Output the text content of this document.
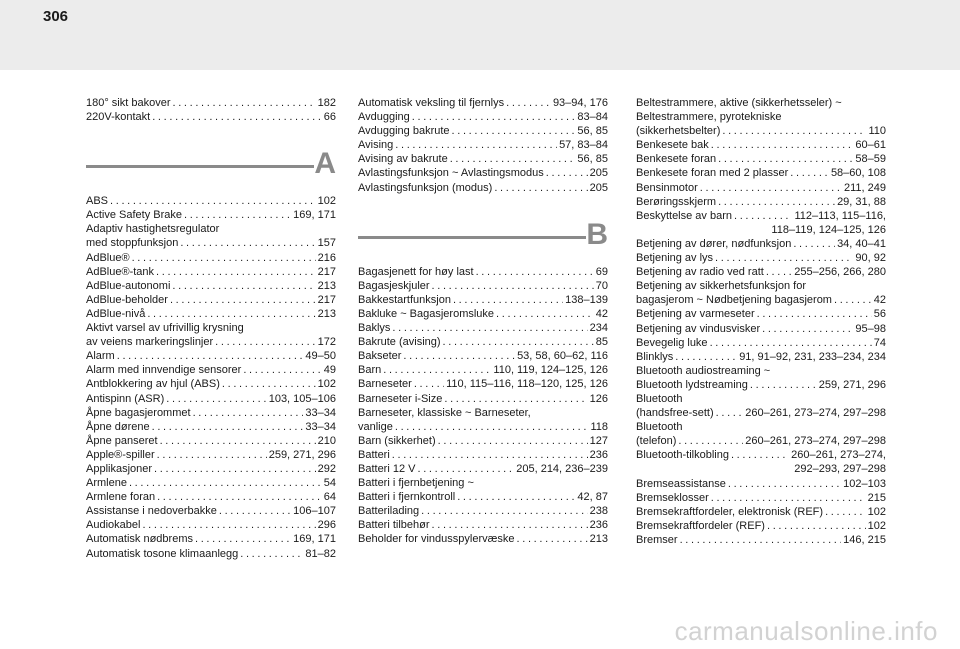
306
180° sikt bakover . . .	182
220V-kontakt . . .	66
A
ABS . . .	102
Active Safety Brake . . .	169, 171
Adaptiv hastighetsregulator
med stoppfunksjon . . .	157
AdBlue® . . .	216
AdBlue®-tank . . .	217
AdBlue-autonomi . . .	213
AdBlue-beholder . . .	217
AdBlue-nivå . . .	213
Aktivt varsel av ufrivillig krysning
av veiens markeringslinjer . . .	172
Alarm . . .	49–50
Alarm med innvendige sensorer . . .	49
Antblokkering av hjul (ABS) . . .	102
Antispinn (ASR) . . .	103, 105–106
Åpne bagasjerommet . . .	33–34
Åpne dørene . . .	33–34
Åpne panseret . . .	210
Apple®-spiller . . .	259, 271, 296
Applikasjoner . . .	292
Armlene . . .	54
Armlene foran . . .	64
Assistanse i nedoverbakke . . .	106–107
Audiokabel . . .	296
Automatisk nødbrems . . .	169, 171
Automatisk tosone klimaanlegg . . .	81–82
Automatisk veksling til fjernlys . . .	93–94, 176
Avdugging . . .	83–84
Avdugging bakrute . . .	56, 85
Avising . . .	57, 83–84
Avising av bakrute . . .	56, 85
Avlastingsfunksjon ~ Avlastingsmodus . . .	205
Avlastingsfunksjon (modus) . . .	205
B
Bagasjenett for høy last . . .	69
Bagasjeskjuler . . .	70
Bakkestartfunksjon . . .	138–139
Bakluke ~ Bagasjeromsluke . . .	42
Baklys . . .	234
Bakrute (avising) . . .	85
Bakseter . . .	53, 58, 60–62, 116
Barn . . .	110, 119, 124–125, 126
Barneseter . . .	110, 115–116, 118–120, 125, 126
Barneseter i-Size . . .	126
Barneseter, klassiske ~ Barneseter,
vanlige . . .	118
Barn (sikkerhet) . . .	127
Batteri . . .	236
Batteri 12 V . . .	205, 214, 236–239
Batteri i fjernbetjening ~
Batteri i fjernkontroll . . .	42, 87
Batterilading . . .	238
Batteri tilbehør . . .	236
Beholder for vindusspylervæske . . .	213
Beltestrammere, aktive (sikkerhetsseler) ~
Beltestrammere, pyrotekniske
(sikkerhetsbelter) . . .	110
Benkesete bak . . .	60–61
Benkesete foran . . .	58–59
Benkesete foran med 2 plasser . . .	58–60, 108
Bensinmotor . . .	211, 249
Berøringsskjerm . . .	29, 31, 88
Beskyttelse av barn . . .	112–113, 115–116,
118–119, 124–125, 126
Betjening av dører, nødfunksjon . . .	34, 40–41
Betjening av lys . . .	90, 92
Betjening av radio ved ratt . . .	255–256, 266, 280
Betjening av sikkerhetsfunksjon for
bagasjerom ~ Nødbetjening bagasjerom . . .	42
Betjening av varmeseter . . .	56
Betjening av vindusvisker . . .	95–98
Bevegelig luke . . .	74
Blinklys . . .	91, 91–92, 231, 233–234, 234
Bluetooth audiostreaming ~
Bluetooth lydstreaming . . .	259, 271, 296
Bluetooth
(handsfree-sett) . . .	260–261, 273–274, 297–298
Bluetooth
(telefon) . . .	260–261, 273–274, 297–298
Bluetooth-tilkobling . . .	260–261, 273–274,
292–293, 297–298
Bremseassistanse . . .	102–103
Bremseklosser . . .	215
Bremsekraftfordeler, elektronisk (REF) . . .	102
Bremsekraftfordeler (REF) . . .	102
Bremser . . .	146, 215
carmanualsonline.info
